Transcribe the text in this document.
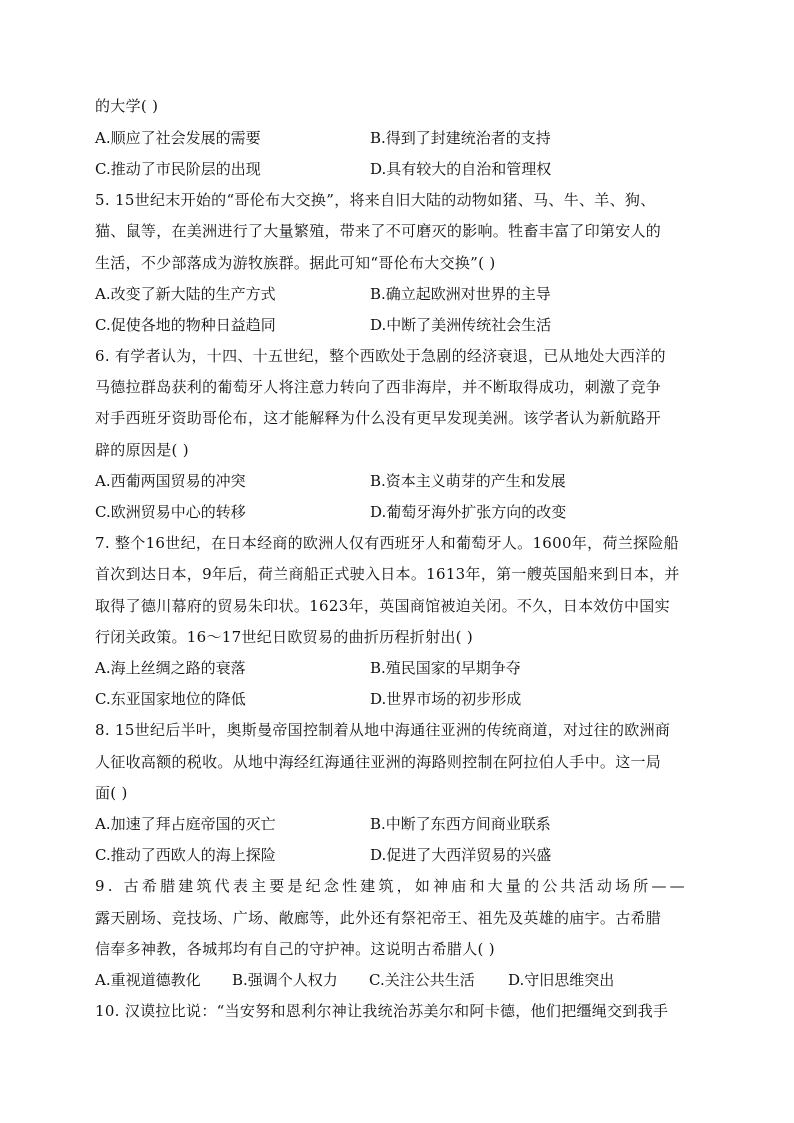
的大学( )
A.顺应了社会发展的需要	B.得到了封建统治者的支持
C.推动了市民阶层的出现	D.具有较大的自治和管理权
5. 15世纪末开始的“哥伦布大交换”，将来自旧大陆的动物如猪、马、牛、羊、狗、
猫、鼠等，在美洲进行了大量繁殖，带来了不可磨灭的影响。牲畜丰富了印第安人的
生活，不少部落成为游牧族群。据此可知“哥伦布大交换”( )
A.改变了新大陆的生产方式	B.确立起欧洲对世界的主导
C.促使各地的物种日益趋同	D.中断了美洲传统社会生活
6. 有学者认为，十四、十五世纪，整个西欧处于急剧的经济衰退，已从地处大西洋的
马德拉群岛获利的葡萄牙人将注意力转向了西非海岸，并不断取得成功，刺激了竞争
对手西班牙资助哥伦布，这才能解释为什么没有更早发现美洲。该学者认为新航路开
辟的原因是( )
A.西葡两国贸易的冲突	B.资本主义萌芽的产生和发展
C.欧洲贸易中心的转移	D.葡萄牙海外扩张方向的改变
7. 整个16世纪，在日本经商的欧洲人仅有西班牙人和葡萄牙人。1600年，荷兰探险船
首次到达日本，9年后，荷兰商船正式驶入日本。1613年，第一艘英国船来到日本，并
取得了德川幕府的贸易朱印状。1623年，英国商馆被迫关闭。不久，日本效仿中国实
行闭关政策。16～17世纪日欧贸易的曲折历程折射出( )
A.海上丝绸之路的衰落	B.殖民国家的早期争夺
C.东亚国家地位的降低	D.世界市场的初步形成
8. 15世纪后半叶，奥斯曼帝国控制着从地中海通往亚洲的传统商道，对过往的欧洲商
人征收高额的税收。从地中海经红海通往亚洲的海路则控制在阿拉伯人手中。这一局
面( )
A.加速了拜占庭帝国的灭亡	B.中断了东西方间商业联系
C.推动了西欧人的海上探险	D.促进了大西洋贸易的兴盛
9. 古希腊建筑代表主要是纪念性建筑，如神庙和大量的公共活动场所——
露天剧场、竞技场、广场、敞廊等，此外还有祭祀帝王、祖先及英雄的庙宇。古希腊
信奉多神教，各城邦均有自己的守护神。这说明古希腊人( )
A.重视道德教化 B.强调个人权力 C.关注公共生活 D.守旧思维突出
10. 汉谟拉比说：“当安努和恩利尔神让我统治苏美尔和阿卡德，他们把缰绳交到我手
